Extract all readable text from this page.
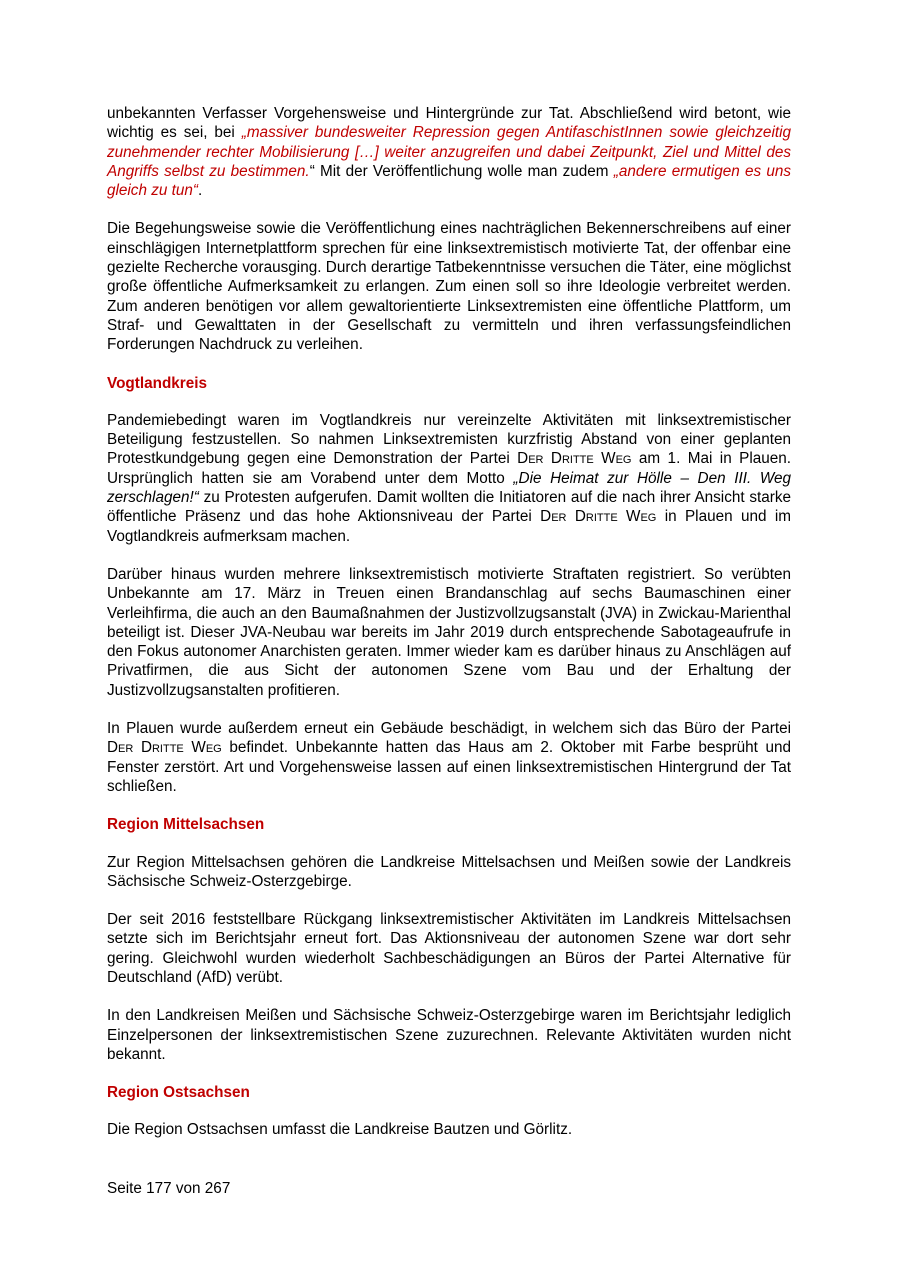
unbekannten Verfasser Vorgehensweise und Hintergründe zur Tat. Abschließend wird betont, wie wichtig es sei, bei „massiver bundesweiter Repression gegen AntifaschistInnen sowie gleichzeitig zunehmender rechter Mobilisierung […] weiter anzugreifen und dabei Zeitpunkt, Ziel und Mittel des Angriffs selbst zu bestimmen.“ Mit der Veröffentlichung wolle man zudem „andere ermutigen es uns gleich zu tun“.

Die Begehungsweise sowie die Veröffentlichung eines nachträglichen Bekennerschreibens auf einer einschlägigen Internetplattform sprechen für eine linksextremistisch motivierte Tat, der offenbar eine gezielte Recherche vorausging. Durch derartige Tatbekenntnisse versuchen die Täter, eine möglichst große öffentliche Aufmerksamkeit zu erlangen. Zum einen soll so ihre Ideologie verbreitet werden. Zum anderen benötigen vor allem gewaltorientierte Linksextremisten eine öffentliche Plattform, um Straf- und Gewalttaten in der Gesellschaft zu vermitteln und ihren verfassungsfeindlichen Forderungen Nachdruck zu verleihen.

Vogtlandkreis

Pandemiebedingt waren im Vogtlandkreis nur vereinzelte Aktivitäten mit linksextremistischer Beteiligung festzustellen. So nahmen Linksextremisten kurzfristig Abstand von einer geplanten Protestkundgebung gegen eine Demonstration der Partei Der Dritte Weg am 1. Mai in Plauen. Ursprünglich hatten sie am Vorabend unter dem Motto „Die Heimat zur Hölle – Den III. Weg zerschlagen!“ zu Protesten aufgerufen. Damit wollten die Initiatoren auf die nach ihrer Ansicht starke öffentliche Präsenz und das hohe Aktionsniveau der Partei Der Dritte Weg in Plauen und im Vogtlandkreis aufmerksam machen.

Darüber hinaus wurden mehrere linksextremistisch motivierte Straftaten registriert. So verübten Unbekannte am 17. März in Treuen einen Brandanschlag auf sechs Baumaschinen einer Verleihfirma, die auch an den Baumaßnahmen der Justizvollzugsanstalt (JVA) in Zwickau-Marienthal beteiligt ist. Dieser JVA-Neubau war bereits im Jahr 2019 durch entsprechende Sabotageaufrufe in den Fokus autonomer Anarchisten geraten. Immer wieder kam es darüber hinaus zu Anschlägen auf Privatfirmen, die aus Sicht der autonomen Szene vom Bau und der Erhaltung der Justizvollzugsanstalten profitieren.

In Plauen wurde außerdem erneut ein Gebäude beschädigt, in welchem sich das Büro der Partei Der Dritte Weg befindet. Unbekannte hatten das Haus am 2. Oktober mit Farbe besprüht und Fenster zerstört. Art und Vorgehensweise lassen auf einen linksextremistischen Hintergrund der Tat schließen.

Region Mittelsachsen

Zur Region Mittelsachsen gehören die Landkreise Mittelsachsen und Meißen sowie der Landkreis Sächsische Schweiz-Osterzgebirge.

Der seit 2016 feststellbare Rückgang linksextremistischer Aktivitäten im Landkreis Mittelsachsen setzte sich im Berichtsjahr erneut fort. Das Aktionsniveau der autonomen Szene war dort sehr gering. Gleichwohl wurden wiederholt Sachbeschädigungen an Büros der Partei Alternative für Deutschland (AfD) verübt.

In den Landkreisen Meißen und Sächsische Schweiz-Osterzgebirge waren im Berichtsjahr lediglich Einzelpersonen der linksextremistischen Szene zuzurechnen. Relevante Aktivitäten wurden nicht bekannt.

Region Ostsachsen

Die Region Ostsachsen umfasst die Landkreise Bautzen und Görlitz.

Seite 177 von 267
